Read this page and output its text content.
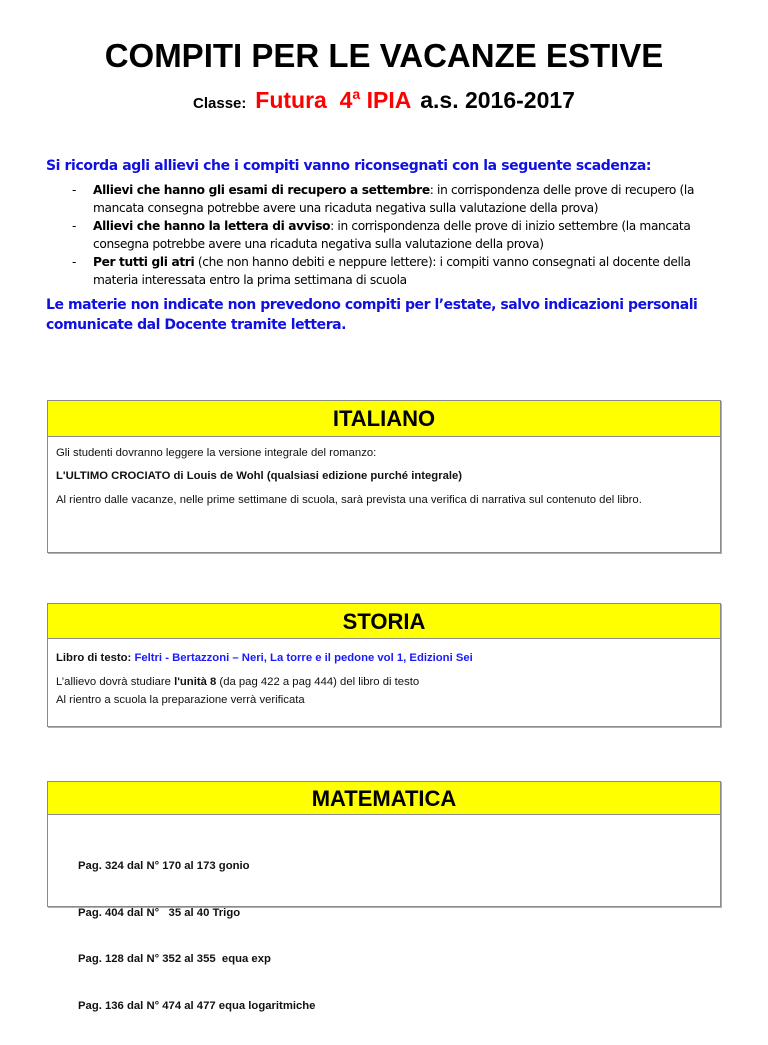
COMPITI PER LE VACANZE ESTIVE
Classe: Futura  4$^a$ IPIA a.s. 2016-2017
Si ricorda agli allievi che i compiti vanno riconsegnati con la seguente scadenza:
- Allievi che hanno gli esami di recupero a settembre: in corrispondenza delle prove di recupero (la mancata consegna potrebbe avere una ricaduta negativa sulla valutazione della prova)
- Allievi che hanno la lettera di avviso: in corrispondenza delle prove di inizio settembre (la mancata consegna potrebbe avere una ricaduta negativa sulla valutazione della prova)
- Per tutti gli atri (che non hanno debiti e neppure lettere): i compiti vanno consegnati al docente della materia interessata entro la prima settimana di scuola
Le materie non indicate non prevedono compiti per l’estate, salvo indicazioni personali comunicate dal Docente tramite lettera.
ITALIANO

Gli studenti dovranno leggere la versione integrale del romanzo:

L'ULTIMO CROCIATO di Louis de Wohl (qualsiasi edizione purché integrale)

Al rientro dalle vacanze, nelle prime settimane di scuola, sarà prevista una verifica di narrativa sul contenuto del libro.

STORIA

Libro di testo: Feltri - Bertazzoni – Neri, La torre e il pedone vol 1, Edizioni Sei

L’allievo dovrà studiare l'unità 8 (da pag 422 a pag 444) del libro di testo

Al rientro a scuola la preparazione verrà verificata

MATEMATICA

Pag. 324 dal N° 170 al 173 gonio

Pag. 404 dal N°   35 al 40 Trigo

Pag. 128 dal N° 352 al 355  equa exp

Pag. 136 dal N° 474 al 477 equa logaritmiche
